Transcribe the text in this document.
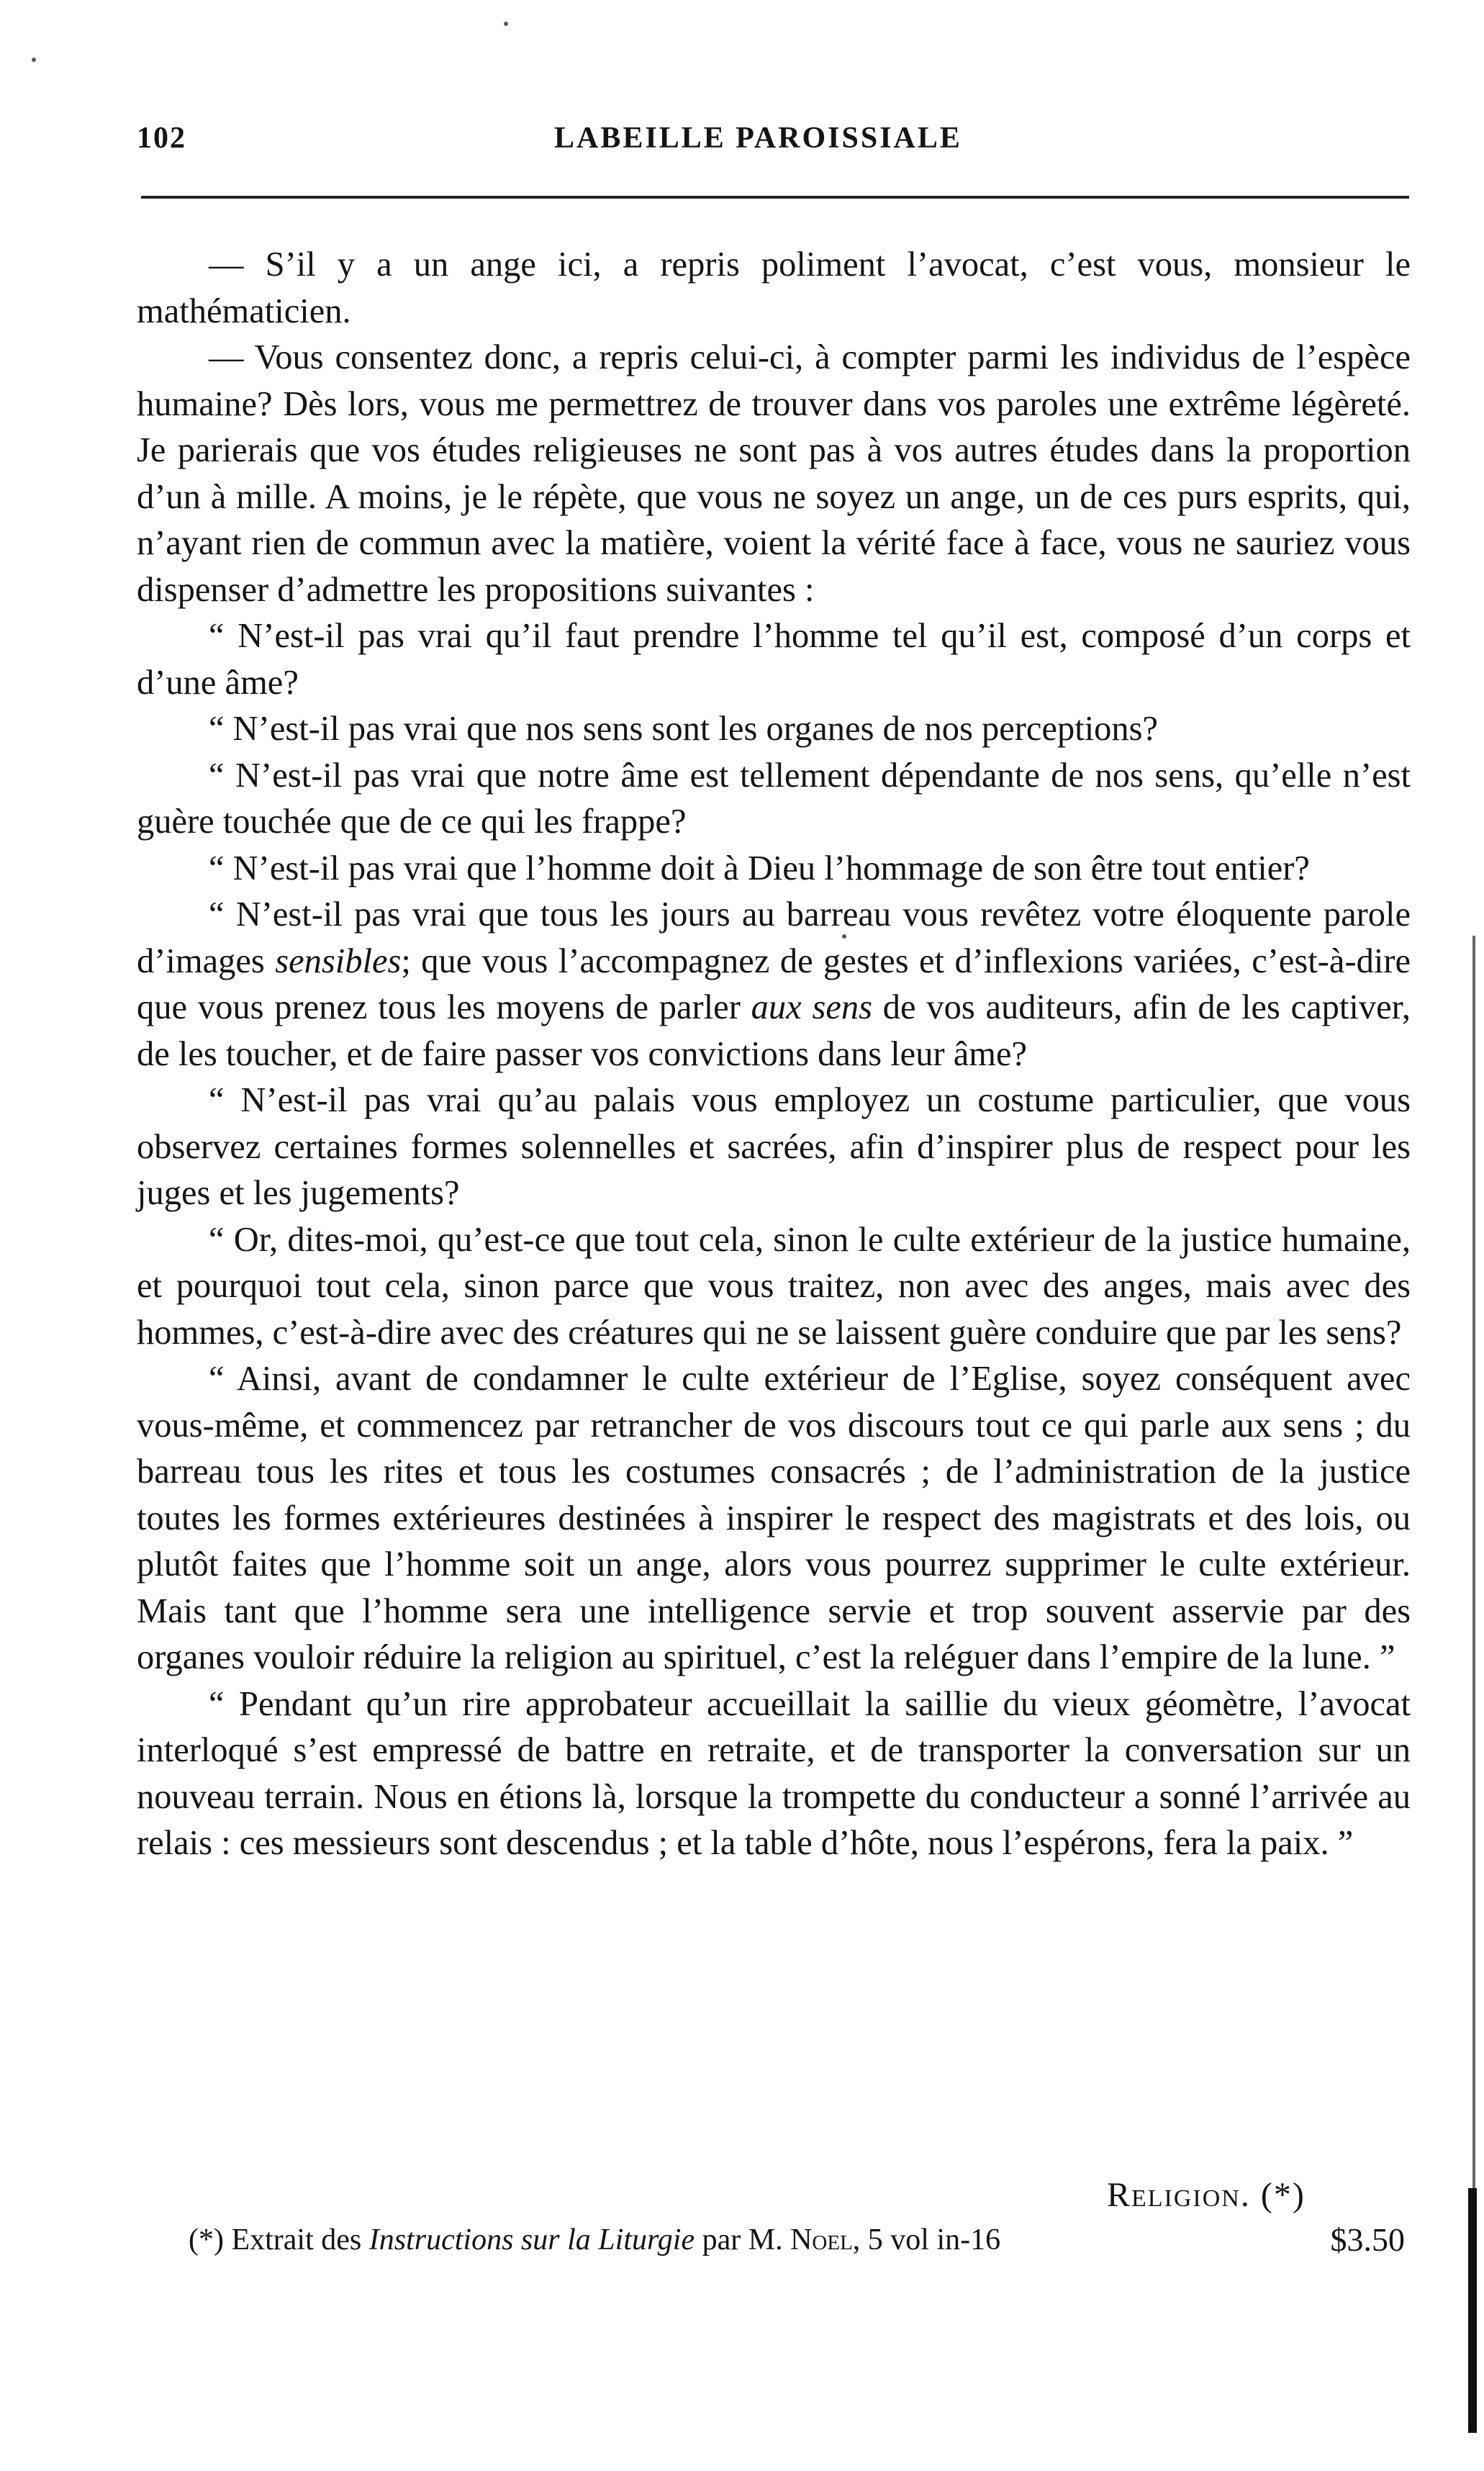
102	LABEILLE PAROISSIALE

— S’il y a un ange ici, a repris poliment l’avocat, c’est vous, monsieur le mathématicien.

— Vous consentez donc, a repris celui-ci, à compter parmi les individus de l’espèce humaine? Dès lors, vous me permettrez de trouver dans vos paroles une extrême légèreté. Je parierais que vos études religieuses ne sont pas à vos autres études dans la proportion d’un à mille. A moins, je le répète, que vous ne soyez un ange, un de ces purs esprits, qui, n’ayant rien de commun avec la matière, voient la vérité face à face, vous ne sauriez vous dispenser d’admettre les propositions suivantes :

“ N’est-il pas vrai qu’il faut prendre l’homme tel qu’il est, composé d’un corps et d’une âme?

“ N’est-il pas vrai que nos sens sont les organes de nos perceptions?

“ N’est-il pas vrai que notre âme est tellement dépendante de nos sens, qu’elle n’est guère touchée que de ce qui les frappe?

“ N’est-il pas vrai que l’homme doit à Dieu l’hommage de son être tout entier?

“ N’est-il pas vrai que tous les jours au barreau vous revêtez votre éloquente parole d’images sensibles; que vous l’accompagnez de gestes et d’inflexions variées, c’est-à-dire que vous prenez tous les moyens de parler aux sens de vos auditeurs, afin de les captiver, de les toucher, et de faire passer vos convictions dans leur âme?

“ N’est-il pas vrai qu’au palais vous employez un costume particulier, que vous observez certaines formes solennelles et sacrées, afin d’inspirer plus de respect pour les juges et les jugements?

“ Or, dites-moi, qu’est-ce que tout cela, sinon le culte extérieur de la justice humaine, et pourquoi tout cela, sinon parce que vous traitez, non avec des anges, mais avec des hommes, c’est-à-dire avec des créatures qui ne se laissent guère conduire que par les sens?

“ Ainsi, avant de condamner le culte extérieur de l’Eglise, soyez conséquent avec vous-même, et commencez par retrancher de vos discours tout ce qui parle aux sens ; du barreau tous les rites et tous les costumes consacrés ; de l’administration de la justice toutes les formes extérieures destinées à inspirer le respect des magistrats et des lois, ou plutôt faites que l’homme soit un ange, alors vous pourrez supprimer le culte extérieur. Mais tant que l’homme sera une intelligence servie et trop souvent asservie par des organes vouloir réduire la religion au spirituel, c’est la reléguer dans l’empire de la lune. ”

“ Pendant qu’un rire approbateur accueillait la saillie du vieux géomètre, l’avocat interloqué s’est empressé de battre en retraite, et de transporter la conversation sur un nouveau terrain. Nous en étions là, lorsque la trompette du conducteur a sonné l’arrivée au relais : ces messieurs sont descendus ; et la table d’hôte, nous l’espérons, fera la paix. ”

Religion. (*)
(*) Extrait des Instructions sur la Liturgie par M. Noel, 5 vol in-16	$3.50
